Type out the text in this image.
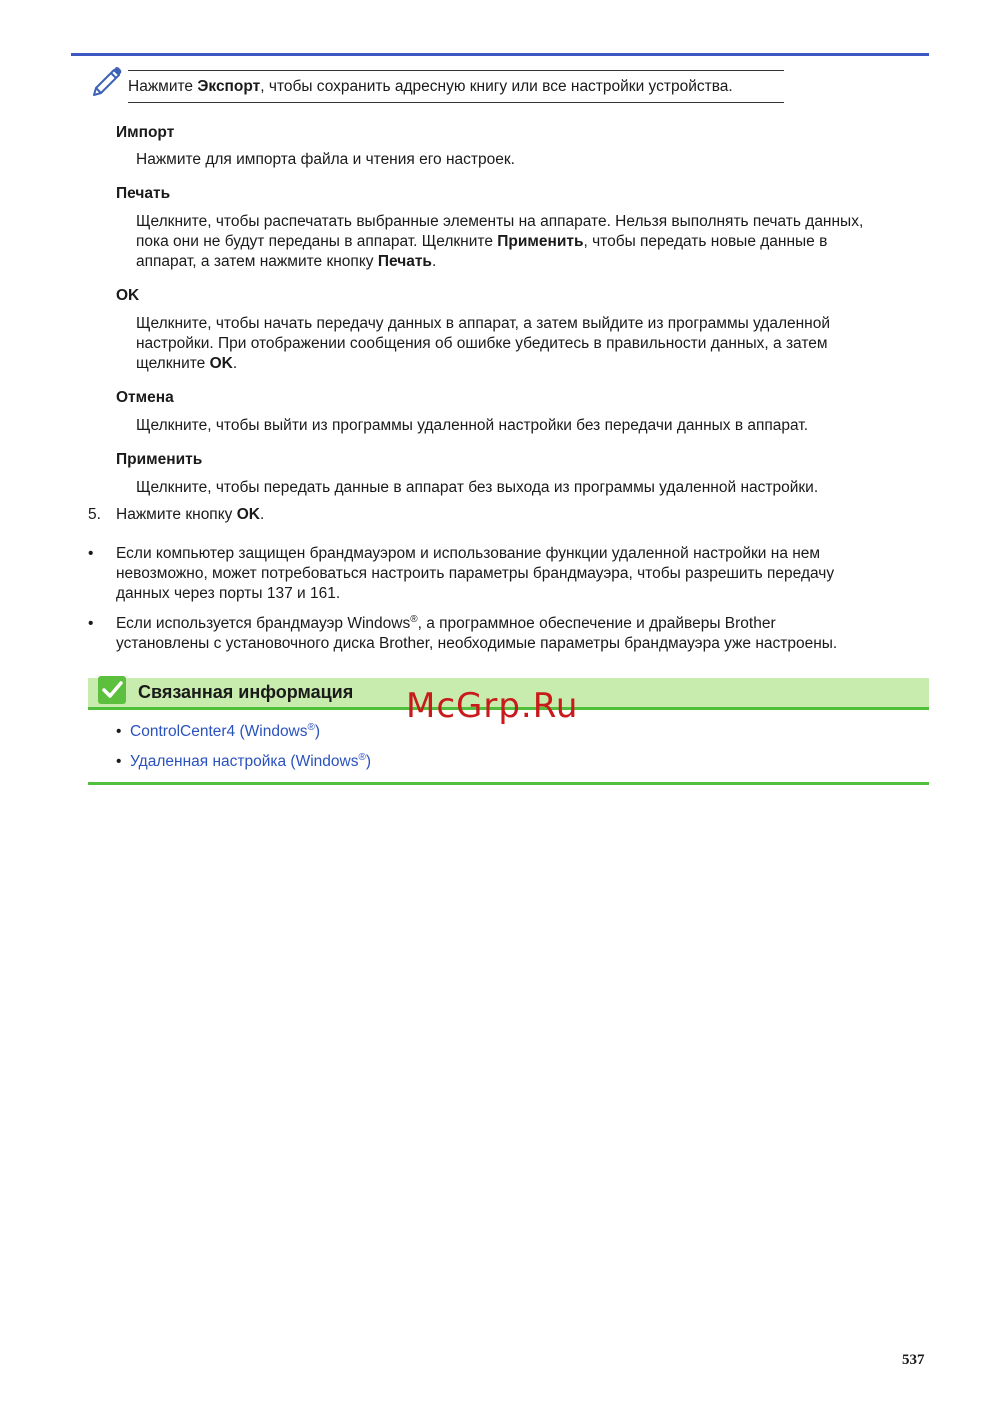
Нажмите Экспорт, чтобы сохранить адресную книгу или все настройки устройства.
Импорт
Нажмите для импорта файла и чтения его настроек.
Печать
Щелкните, чтобы распечатать выбранные элементы на аппарате. Нельзя выполнять печать данных,
пока они не будут переданы в аппарат. Щелкните Применить, чтобы передать новые данные в
аппарат, а затем нажмите кнопку Печать.
OK
Щелкните, чтобы начать передачу данных в аппарат, а затем выйдите из программы удаленной
настройки. При отображении сообщения об ошибке убедитесь в правильности данных, а затем
щелкните OK.
Отмена
Щелкните, чтобы выйти из программы удаленной настройки без передачи данных в аппарат.
Применить
Щелкните, чтобы передать данные в аппарат без выхода из программы удаленной настройки.
5. Нажмите кнопку OK.
• Если компьютер защищен брандмауэром и использование функции удаленной настройки на нем
невозможно, может потребоваться настроить параметры брандмауэра, чтобы разрешить передачу
данных через порты 137 и 161.
• Если используется брандмауэр Windows®, а программное обеспечение и драйверы Brother
установлены с установочного диска Brother, необходимые параметры брандмауэра уже настроены.
Связанная информация McGrp.Ru
•  ControlCenter4 (Windows®)
•  Удаленная настройка (Windows®)
537
